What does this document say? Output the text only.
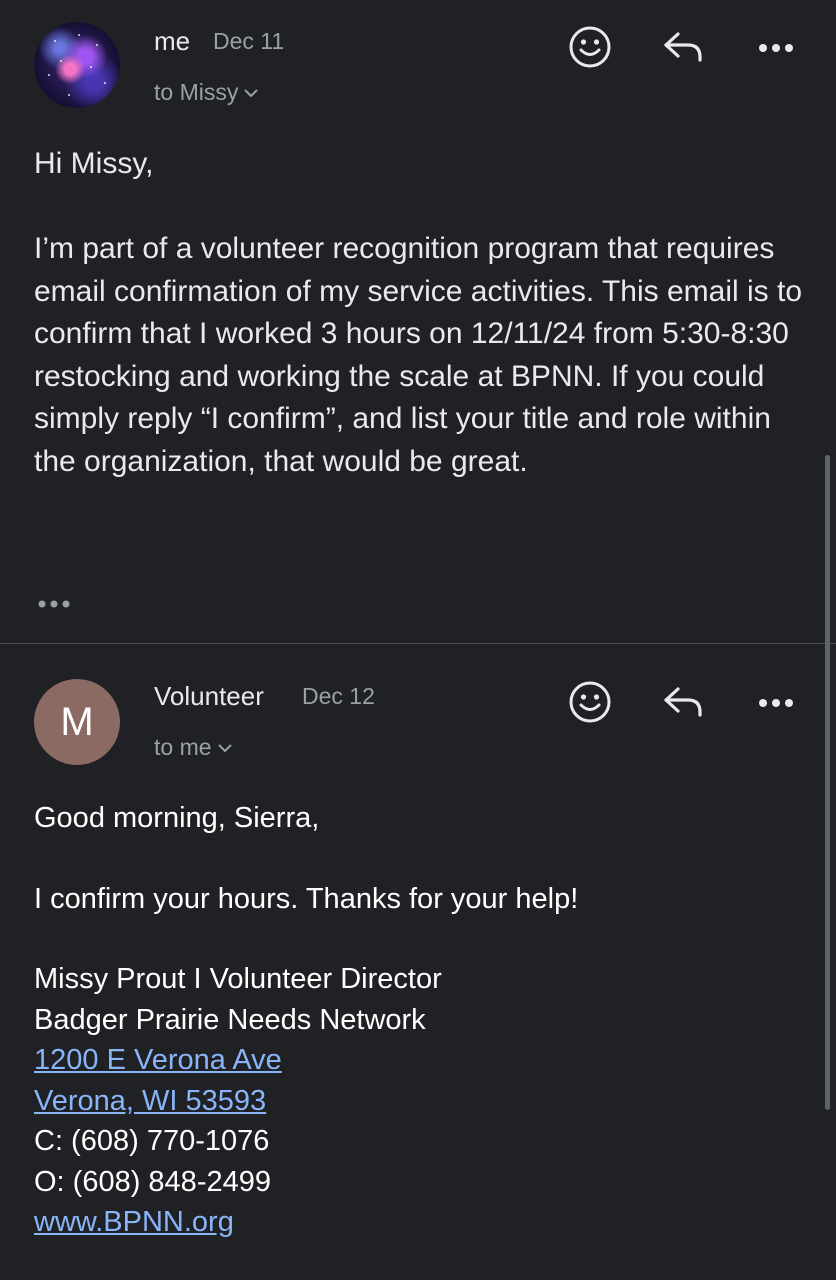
me Dec 11
to Missy
Hi Missy,

I’m part of a volunteer recognition program that requires email confirmation of my service activities. This email is to confirm that I worked 3 hours on 12/11/24 from 5:30-8:30 restocking and working the scale at BPNN. If you could simply reply “I confirm”, and list your title and role within the organization, that would be great.
M
Volunteer Dec 12
to me
Good morning, Sierra,
I confirm your hours. Thanks for your help!
Missy Prout I Volunteer Director
Badger Prairie Needs Network
1200 E Verona Ave
Verona, WI 53593
C: (608) 770-1076
O: (608) 848-2499
www.BPNN.org
